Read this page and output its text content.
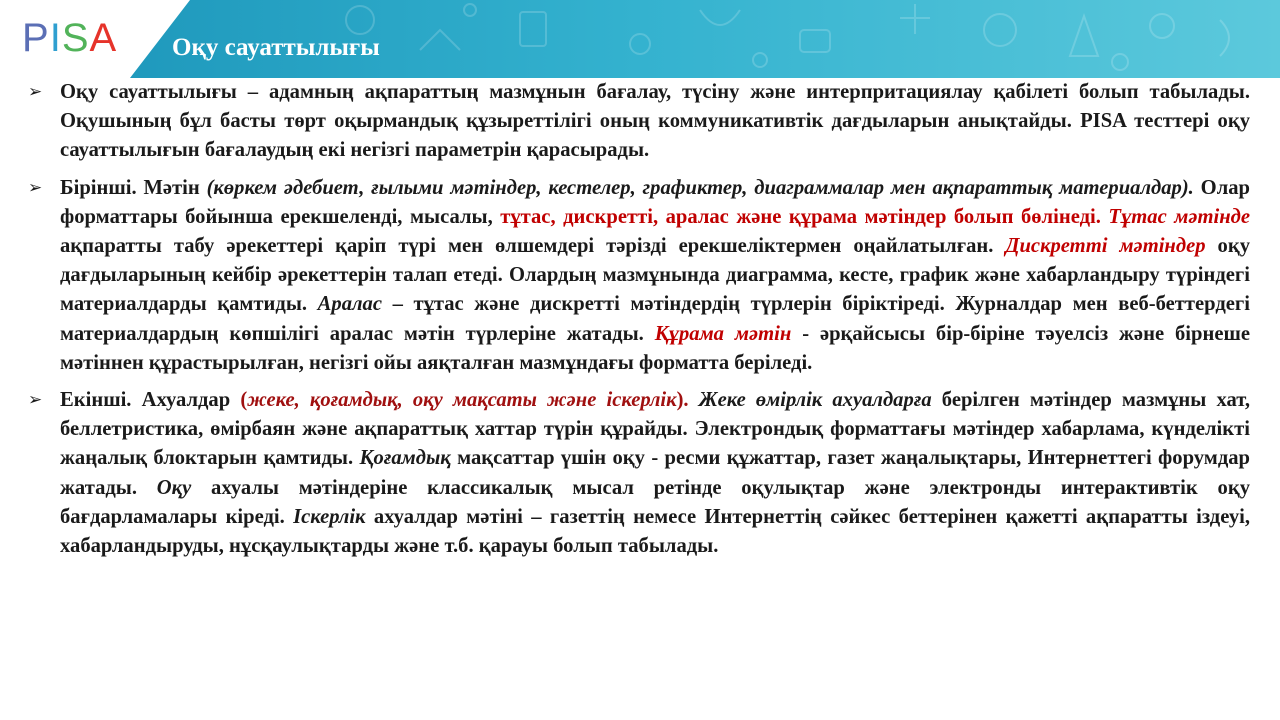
PISA Оқу сауаттылығы
➢ Оқу сауаттылығы – адамның ақпараттың мазмұнын бағалау, түсіну және интерпритациялау қабілеті болып табылады. Оқушының бұл басты төрт оқырмандық құзыреттілігі оның коммуникативтік дағдыларын анықтайды. PISA тесттері оқу сауаттылығын бағалаудың екі негізгі параметрін қарасырады.

➢ Бірінші. Мәтін (көркем әдебиет, ғылыми мәтіндер, кестелер, графиктер, диаграммалар мен ақпараттық материалдар). Олар форматтары бойынша ерекшеленді, мысалы, тұтас, дискретті, аралас және құрама мәтіндер болып бөлінеді. Тұтас мәтінде ақпаратты табу әрекеттері қаріп түрі мен өлшемдері тәрізді ерекшеліктермен оңайлатылған. Дискретті мәтіндер оқу дағдыларының кейбір әрекеттерін талап етеді. Олардың мазмұнында диаграмма, кесте, график және хабарландыру түріндегі материалдарды қамтиды. Аралас – тұтас және дискретті мәтіндердің түрлерін біріктіреді. Журналдар мен веб-беттердегі материалдардың көпшілігі аралас мәтін түрлеріне жатады. Құрама мәтін - әрқайсысы бір-біріне тәуелсіз және бірнеше мәтіннен құрастырылған, негізгі ойы аяқталған мазмұндағы форматта беріледі.

➢ Екінші. Ахуалдар (жеке, қоғамдық, оқу мақсаты және іскерлік). Жеке өмірлік ахуалдарға берілген мәтіндер мазмұны хат, беллетристика, өмірбаян және ақпараттық хаттар түрін құрайды. Электрондық форматтағы мәтіндер хабарлама, күнделікті жаңалық блоктарын қамтиды. Қоғамдық мақсаттар үшін оқу - ресми құжаттар, газет жаңалықтары, Интернеттегі форумдар жатады. Оқу ахуалы мәтіндеріне классикалық мысал ретінде оқулықтар және электронды интерактивтік оқу бағдарламалары кіреді. Іскерлік ахуалдар мәтіні – газеттің немесе Интернеттің сәйкес беттерінен қажетті ақпаратты іздеуі, хабарландыруды, нұсқаулықтарды және т.б. қарауы болып табылады.
